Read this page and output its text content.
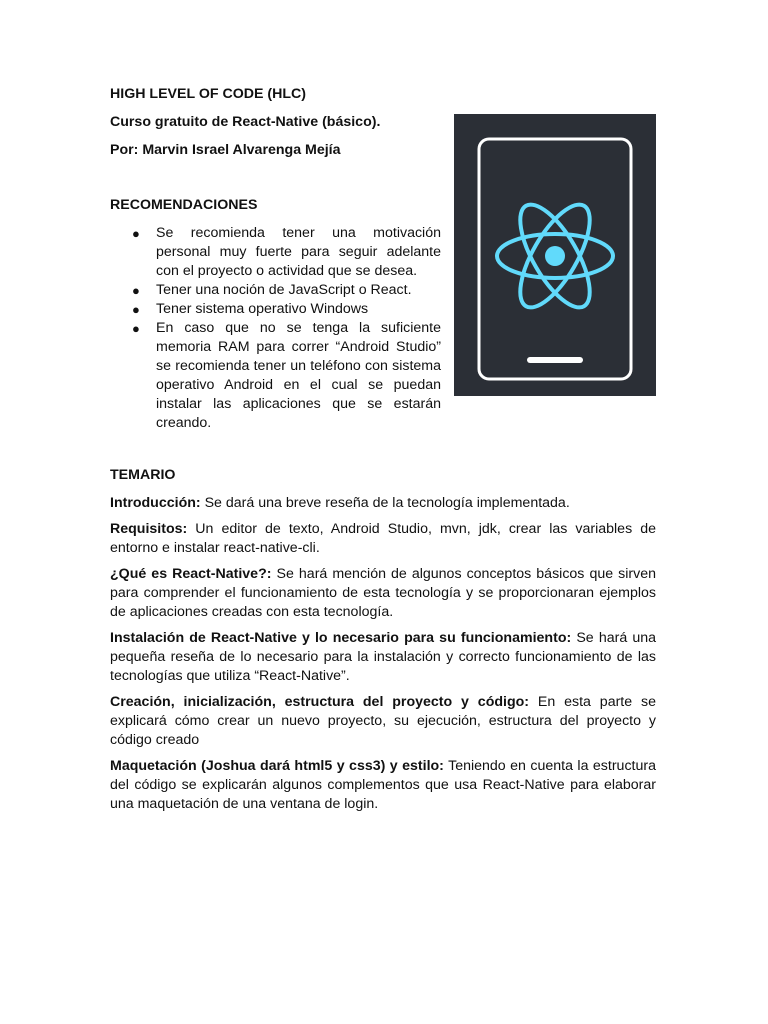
HIGH LEVEL OF CODE (HLC)
Curso gratuito de React-Native (básico).
Por: Marvin Israel Alvarenga Mejía
RECOMENDACIONES
● Se recomienda tener una motivación personal muy fuerte para seguir adelante con el proyecto o actividad que se desea.
● Tener una noción de JavaScript o React.
● Tener sistema operativo Windows
● En caso que no se tenga la suficiente memoria RAM para correr “Android Studio” se recomienda tener un teléfono con sistema operativo Android en el cual se puedan instalar las aplicaciones que se estarán creando.
TEMARIO

Introducción: Se dará una breve reseña de la tecnología implementada.

Requisitos: Un editor de texto, Android Studio, mvn, jdk, crear las variables de entorno e instalar react-native-cli.

¿Qué es React-Native?: Se hará mención de algunos conceptos básicos que sirven para comprender el funcionamiento de esta tecnología y se proporcionaran ejemplos de aplicaciones creadas con esta tecnología.

Instalación de React-Native y lo necesario para su funcionamiento: Se hará una pequeña reseña de lo necesario para la instalación y correcto funcionamiento de las tecnologías que utiliza “React-Native”.

Creación, inicialización, estructura del proyecto y código: En esta parte se explicará cómo crear un nuevo proyecto, su ejecución, estructura del proyecto y código creado

Maquetación (Joshua dará html5 y css3) y estilo: Teniendo en cuenta la estructura del código se explicarán algunos complementos que usa React-Native para elaborar una maquetación de una ventana de login.
